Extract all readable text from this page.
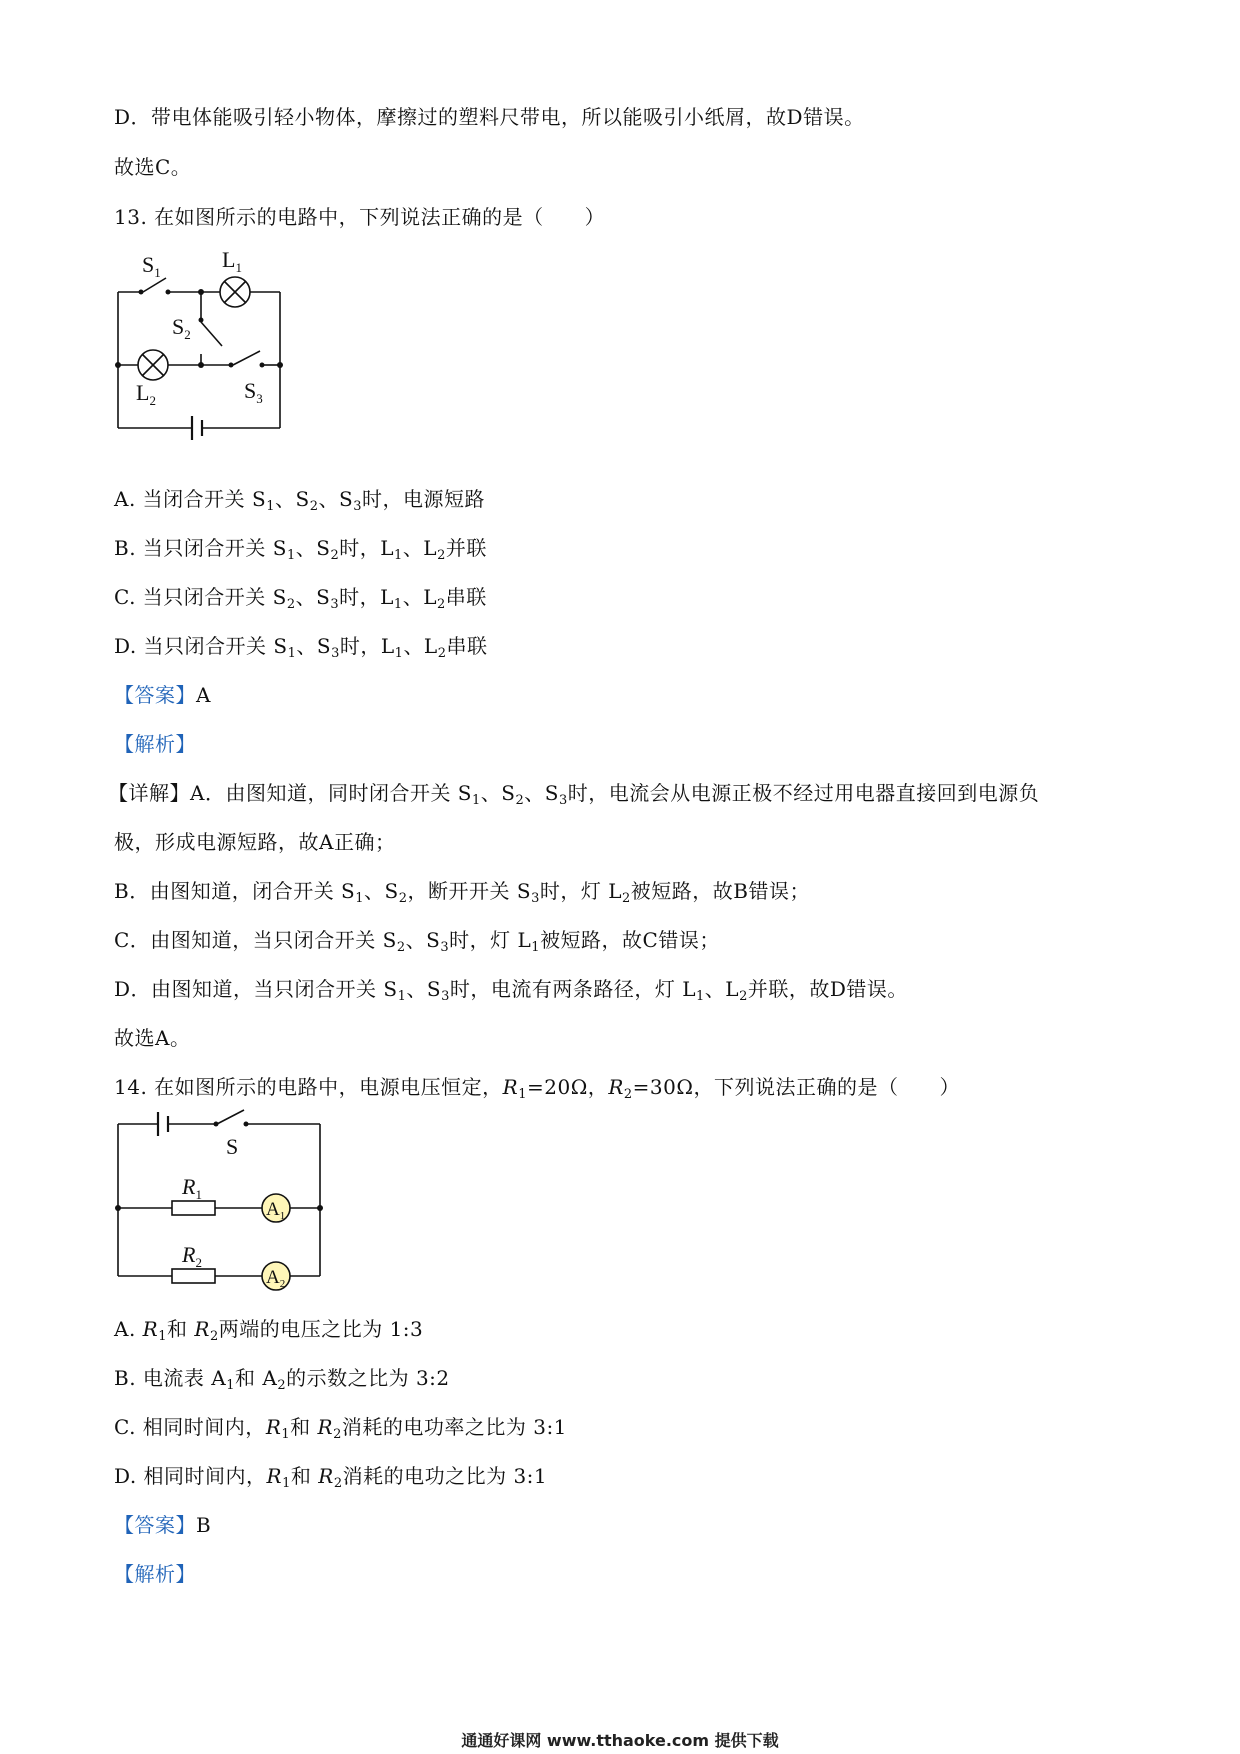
D．带电体能吸引轻小物体，摩擦过的塑料尺带电，所以能吸引小纸屑，故D错误。
故选C。
13. 在如图所示的电路中，下列说法正确的是（　　）
$S_1$
$L_1$
$S_2$
$L_2$	$S_3$
A. 当闭合开关 $S_1$、$S_2$、$S_3$时，电源短路
B. 当只闭合开关 $S_1$、$S_2$时，$L_1$、$L_2$并联
C. 当只闭合开关 $S_2$、$S_3$时，$L_1$、$L_2$串联
D. 当只闭合开关 $S_1$、$S_3$时，$L_1$、$L_2$串联
【答案】A
【解析】
【详解】A．由图知道，同时闭合开关 $S_1$、$S_2$、$S_3$时，电流会从电源正极不经过用电器直接回到电源负
极，形成电源短路，故A正确；
B．由图知道，闭合开关 $S_1$、$S_2$，断开开关 $S_3$时，灯 $L_2$被短路，故B错误；
C．由图知道，当只闭合开关 $S_2$、$S_3$时，灯 $L_1$被短路，故C错误；
D．由图知道，当只闭合开关 $S_1$、$S_3$时，电流有两条路径，灯 $L_1$、$L_2$并联，故D错误。
故选A。
14. 在如图所示的电路中，电源电压恒定，$R_1=20\Omega$，$R_2=30\Omega$，下列说法正确的是（　　）
S
$R_1$
$R_2$
$A_1$
$A_2$
A. $R_1$和 $R_2$两端的电压之比为 1:3
B. 电流表 $A_1$和 $A_2$的示数之比为 3:2
C. 相同时间内，$R_1$和 $R_2$消耗的电功率之比为 3:1
D. 相同时间内，$R_1$和 $R_2$消耗的电功之比为 3:1
【答案】B
【解析】
通通好课网 www.tthaoke.com 提供下载
